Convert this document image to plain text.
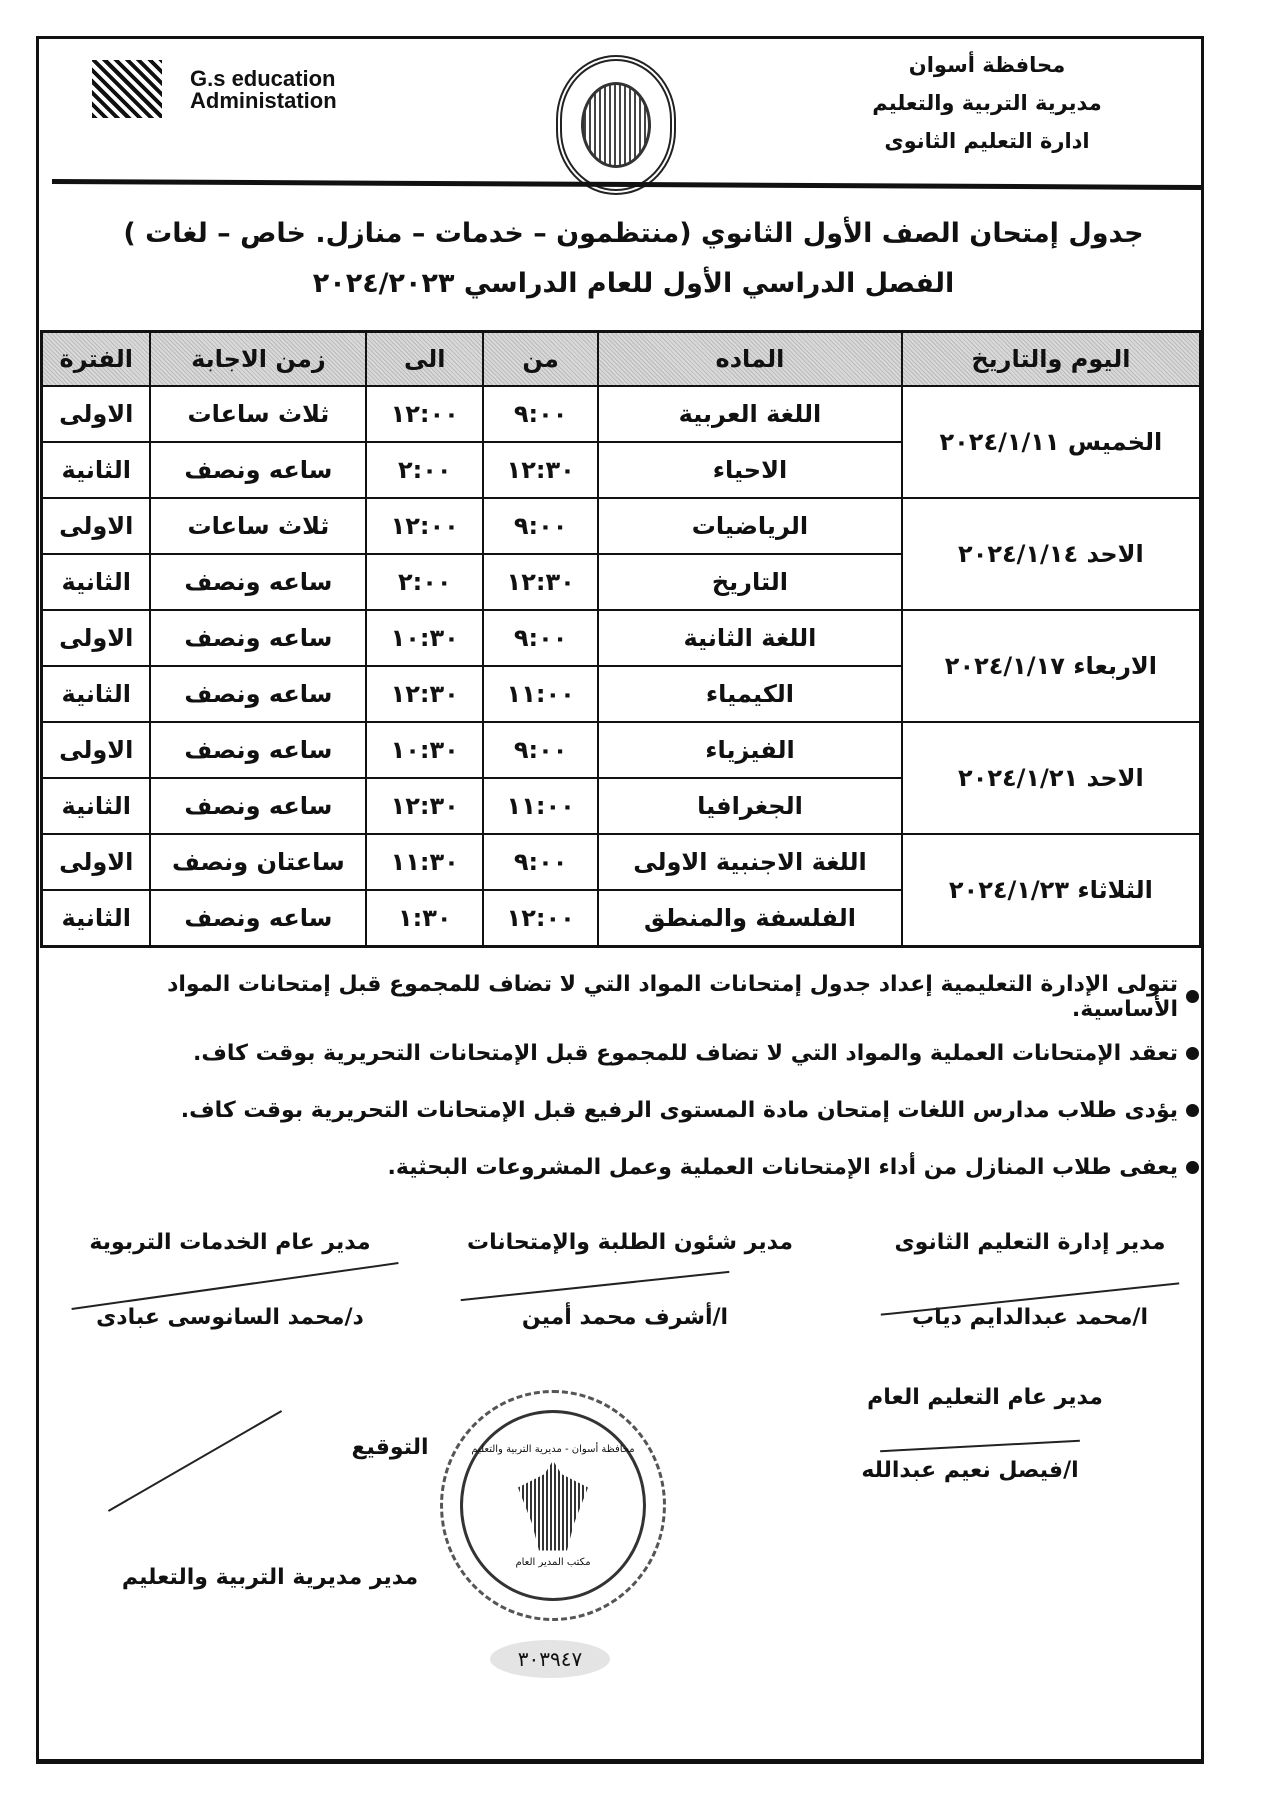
محافظة أسوان
مديرية التربية والتعليم
ادارة التعليم الثانوى
G.s education
Administation
جدول إمتحان الصف الأول الثانوي (منتظمون – خدمات – منازل. خاص – لغات )
الفصل الدراسي الأول للعام الدراسي ٢٠٢٤/٢٠٢٣
اليوم والتاريخ	الماده	من	الى	زمن الاجابة	الفترة
الخميس ٢٠٢٤/١/١١	اللغة العربية	٩:٠٠	١٢:٠٠	ثلاث ساعات	الاولى
	الاحياء	١٢:٣٠	٢:٠٠	ساعه ونصف	الثانية
الاحد ٢٠٢٤/١/١٤	الرياضيات	٩:٠٠	١٢:٠٠	ثلاث ساعات	الاولى
	التاريخ	١٢:٣٠	٢:٠٠	ساعه ونصف	الثانية
الاربعاء ٢٠٢٤/١/١٧	اللغة الثانية	٩:٠٠	١٠:٣٠	ساعه ونصف	الاولى
	الكيمياء	١١:٠٠	١٢:٣٠	ساعه ونصف	الثانية
الاحد ٢٠٢٤/١/٢١	الفيزياء	٩:٠٠	١٠:٣٠	ساعه ونصف	الاولى
	الجغرافيا	١١:٠٠	١٢:٣٠	ساعه ونصف	الثانية
الثلاثاء ٢٠٢٤/١/٢٣	اللغة الاجنبية الاولى	٩:٠٠	١١:٣٠	ساعتان ونصف	الاولى
	الفلسفة والمنطق	١٢:٠٠	١:٣٠	ساعه ونصف	الثانية
تتولى الإدارة التعليمية إعداد جدول إمتحانات المواد التي لا تضاف للمجموع قبل إمتحانات المواد الأساسية.
تعقد الإمتحانات العملية والمواد التي لا تضاف للمجموع قبل الإمتحانات التحريرية بوقت كاف.
يؤدى طلاب مدارس اللغات إمتحان مادة المستوى الرفيع قبل الإمتحانات التحريرية بوقت كاف.
يعفى طلاب المنازل من أداء الإمتحانات العملية وعمل المشروعات البحثية.
مدير إدارة التعليم الثانوى
ا/محمد عبدالدايم دياب
مدير شئون الطلبة والإمتحانات
ا/أشرف محمد أمين
مدير عام الخدمات التربوية
د/محمد السانوسى عبادى
مدير عام التعليم العام
ا/فيصل نعيم عبدالله
التوقيع
مدير مديرية التربية والتعليم
محافظة أسوان - مديرية التربية والتعليم
مكتب المدير العام
٣٠٣٩٤٧
